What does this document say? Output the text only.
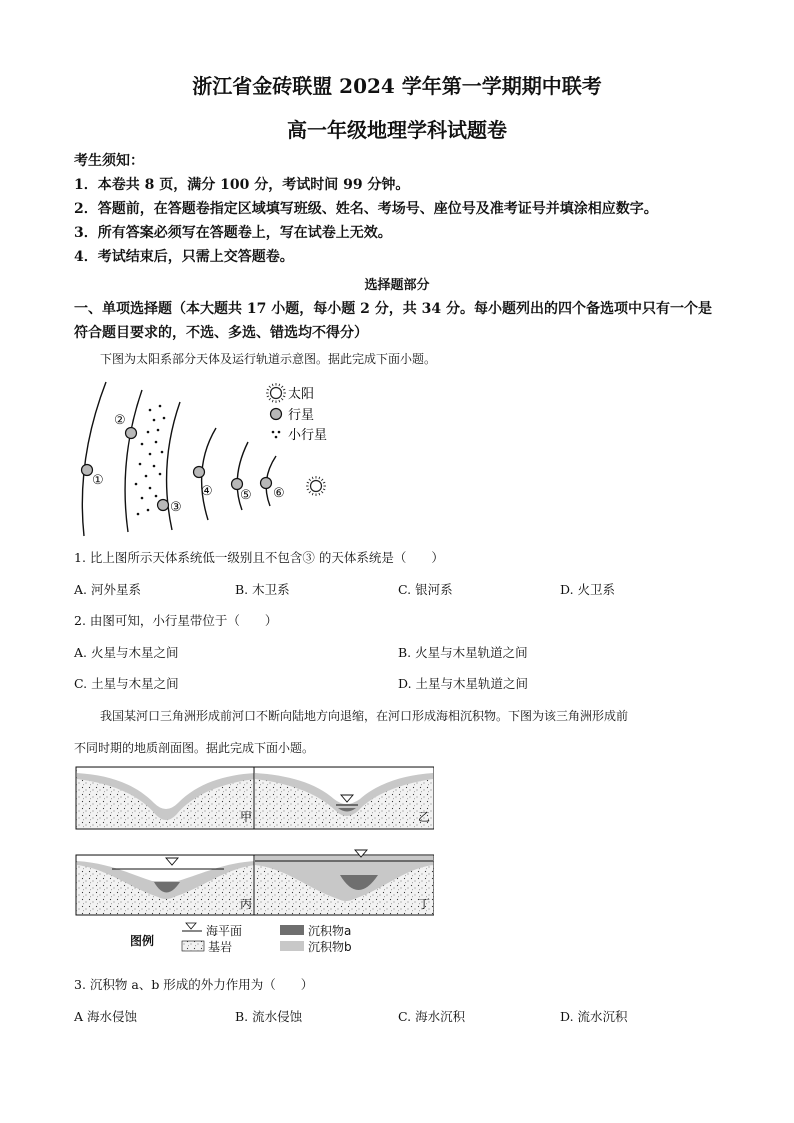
浙江省金砖联盟 2024 学年第一学期期中联考
高一年级地理学科试题卷
考生须知：
1．本卷共 8 页，满分 100 分，考试时间 99 分钟。
2．答题前，在答题卷指定区域填写班级、姓名、考场号、座位号及准考证号并填涂相应数字。
3．所有答案必须写在答题卷上，写在试卷上无效。
4．考试结束后，只需上交答题卷。
选择题部分
一、单项选择题（本大题共 17 小题，每小题 2 分，共 34 分。每小题列出的四个备选项中只有一个是符合题目要求的，不选、多选、错选均不得分）
下图为太阳系部分天体及运行轨道示意图。据此完成下面小题。
①
②
③
④ ⑤ ⑥
太阳
行星
小行星
1. 比上图所示天体系统低一级别且不包含③ 的天体系统是（　　）
A. 河外星系	B. 木卫系	C. 银河系	D. 火卫系
2. 由图可知，小行星带位于（　　）
A. 火星与木星之间	B. 火星与木星轨道之间
C. 土星与木星之间	D. 土星与木星轨道之间
我国某河口三角洲形成前河口不断向陆地方向退缩，在河口形成海相沉积物。下图为该三角洲形成前
不同时期的地质剖面图。据此完成下面小题。
甲	乙
丙	丁
图例
海平面
基岩
沉积物a
沉积物b
3. 沉积物 a、b 形成的外力作用为（　　）
A 海水侵蚀	B. 流水侵蚀	C. 海水沉积	D. 流水沉积
